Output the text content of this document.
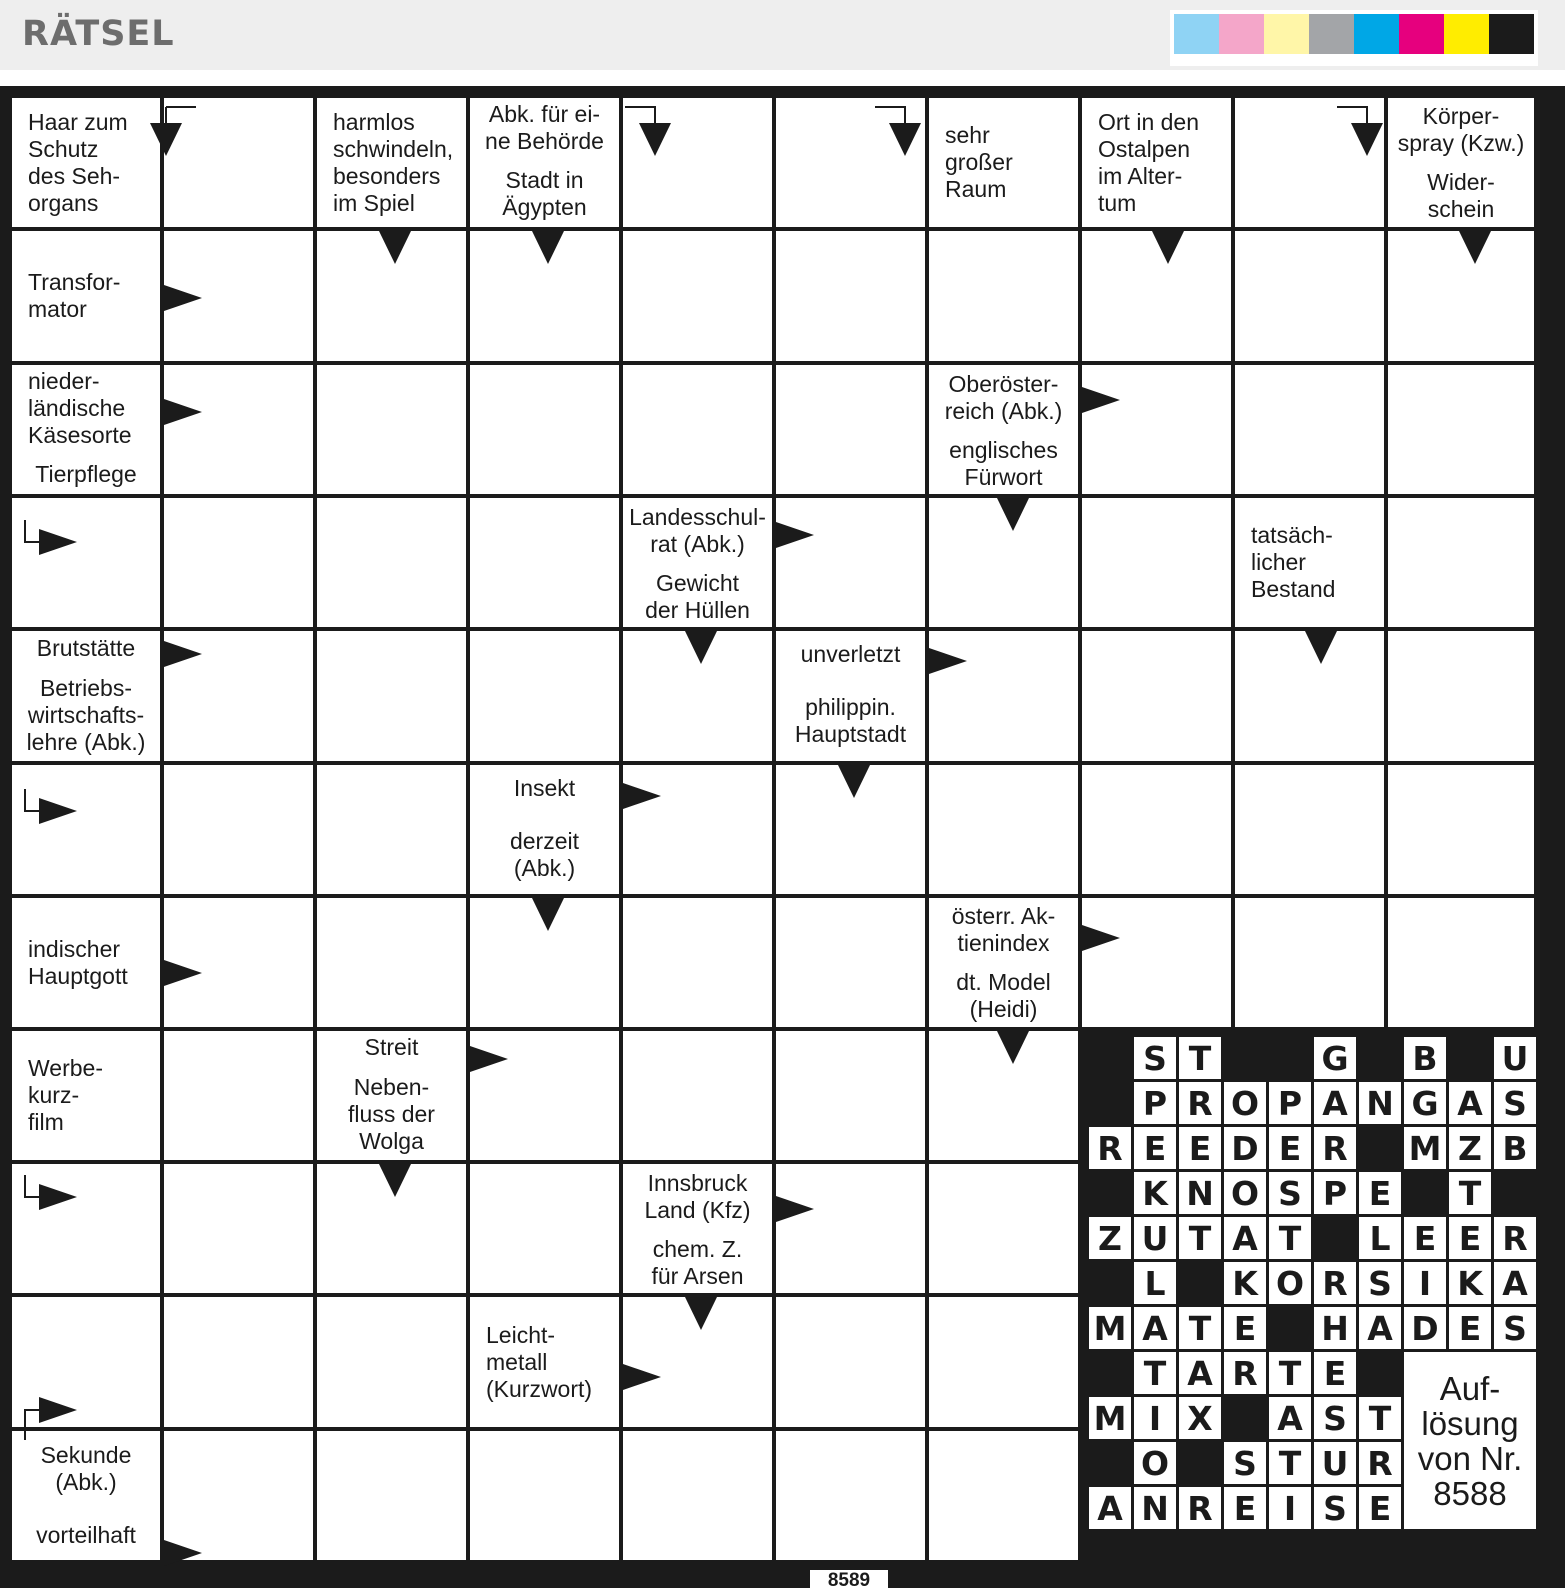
RÄTSEL
Haar zum
Schutz
des Seh-
organs
harmlos
schwindeln,
besonders
im Spiel
Abk. für ei-
ne Behörde
Stadt in
Ägypten
sehr
großer
Raum
Ort in den
Ostalpen
im Alter-
tum
Körper-
spray (Kzw.)
Wider-
schein
Transfor-
mator
nieder-
ländische
Käsesorte
Tierpflege
Oberöster-
reich (Abk.)
englisches
Fürwort
Landesschul-
rat (Abk.)
Gewicht
der Hüllen
tatsäch-
licher
Bestand
Brutstätte
Betriebs-
wirtschafts-
lehre (Abk.)
unverletzt
philippin.
Hauptstadt
Insekt
derzeit
(Abk.)
indischer
Hauptgott
österr. Ak-
tienindex
dt. Model
(Heidi)
Werbe-
kurz-
film
Streit
Neben-
fluss der
Wolga
Innsbruck
Land (Kfz)
chem. Z.
für Arsen
Leicht-
metall
(Kurzwort)
Sekunde
(Abk.)
vorteilhaft
S T	G B U
P R O P A N G A S
R E E D E R M Z B
K N O S P E T
Z U T A T	L E E R
L	K O R S I K A
M A T E H A D E S
T A R T E
M I X A S T
O S T U R
A N R E I S E
Auf-
lösung
von Nr.
8588
8589
